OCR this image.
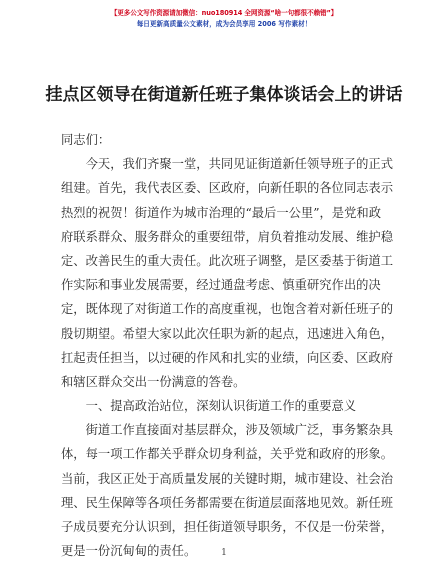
【更多公文写作资源请加微信：nuo180914 全网资源“啥一句都很不赖错”】
每日更新高质量公文素材，成为会员享用 2006 写作素材！
挂点区领导在街道新任班子集体谈话会上的讲话
同志们：
今天，我们齐聚一堂，共同见证街道新任领导班子的正式
组建。首先，我代表区委、区政府，向新任职的各位同志表示
热烈的祝贺！街道作为城市治理的“最后一公里”，是党和政
府联系群众、服务群众的重要纽带，肩负着推动发展、维护稳
定、改善民生的重大责任。此次班子调整，是区委基于街道工
作实际和事业发展需要，经过通盘考虑、慎重研究作出的决
定，既体现了对街道工作的高度重视，也饱含着对新任班子的
殷切期望。希望大家以此次任职为新的起点，迅速进入角色，
扛起责任担当，以过硬的作风和扎实的业绩，向区委、区政府
和辖区群众交出一份满意的答卷。
一、提高政治站位，深刻认识街道工作的重要意义
街道工作直接面对基层群众，涉及领域广泛，事务繁杂具
体，每一项工作都关乎群众切身利益，关乎党和政府的形象。
当前，我区正处于高质量发展的关键时期，城市建设、社会治
理、民生保障等各项任务都需要在街道层面落地见效。新任班
子成员要充分认识到，担任街道领导职务，不仅是一份荣誉，
更是一份沉甸甸的责任。	1
